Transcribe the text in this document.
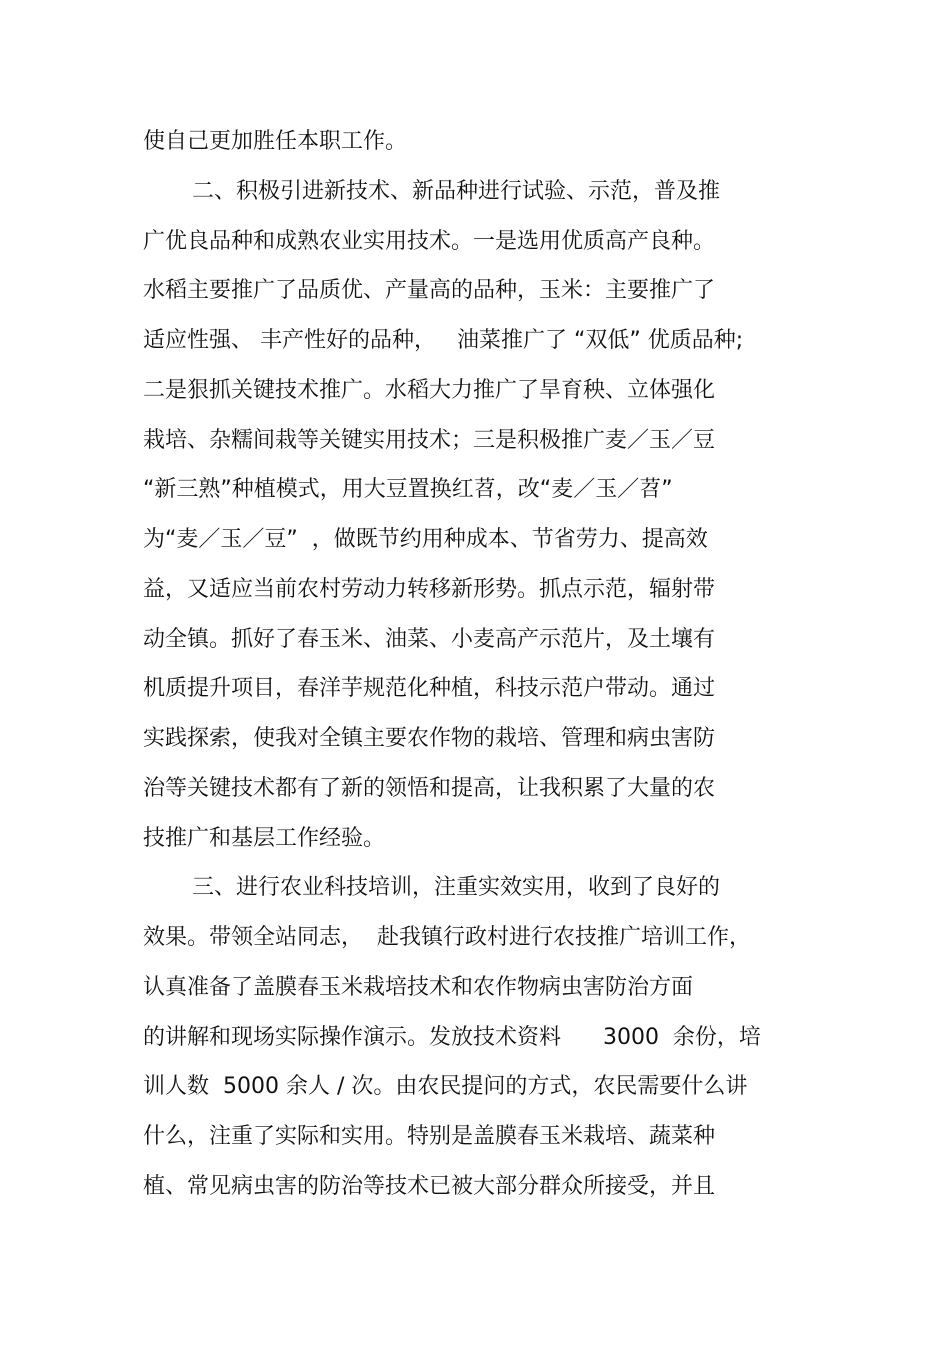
使自己更加胜任本职工作。
二、积极引进新技术、新品种进行试验、示范，普及推
广优良品种和成熟农业实用技术。一是选用优质高产良种。
水稻主要推广了品质优、产量高的品种，玉米：主要推广了
适应性强、 丰产性好的品种，   油菜推广了 “双低” 优质品种;
二是狠抓关键技术推广。水稻大力推广了旱育秧、立体强化
栽培、杂糯间栽等关键实用技术；三是积极推广麦／玉／豆
“新三熟”种植模式，用大豆置换红苕，改“麦／玉／苕”
为“麦／玉／豆”  ，做既节约用种成本、节省劳力、提高效
益，又适应当前农村劳动力转移新形势。抓点示范，辐射带
动全镇。抓好了春玉米、油菜、小麦高产示范片，及土壤有
机质提升项目，春洋芋规范化种植，科技示范户带动。通过
实践探索，使我对全镇主要农作物的栽培、管理和病虫害防
治等关键技术都有了新的领悟和提高，让我积累了大量的农
技推广和基层工作经验。
三、进行农业科技培训，注重实效实用，收到了良好的
效果。带领全站同志，  赴我镇行政村进行农技推广培训工作，
认真准备了盖膜春玉米栽培技术和农作物病虫害防治方面
的讲解和现场实际操作演示。发放技术资料      3000  余份，培
训人数  5000 余人 / 次。由农民提问的方式，农民需要什么讲
什么，注重了实际和实用。特别是盖膜春玉米栽培、蔬菜种
植、常见病虫害的防治等技术已被大部分群众所接受，并且
